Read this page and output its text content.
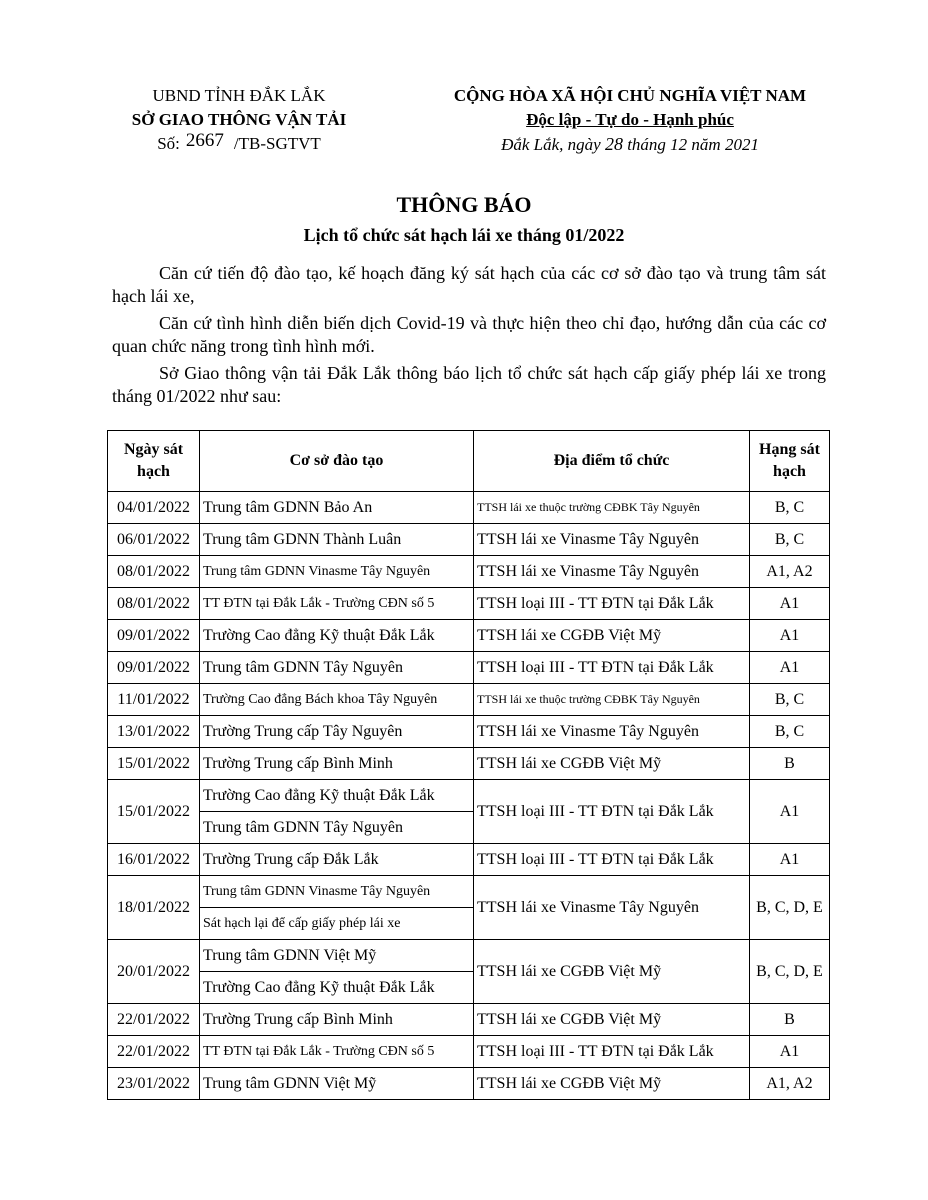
UBND TỈNH ĐẮK LẮK
SỞ GIAO THÔNG VẬN TẢI
Số: 2667 /TB-SGTVT
CỘNG HÒA XÃ HỘI CHỦ NGHĨA VIỆT NAM
Độc lập - Tự do - Hạnh phúc
Đắk Lắk, ngày 28 tháng 12 năm 2021
THÔNG BÁO
Lịch tổ chức sát hạch lái xe tháng 01/2022

Căn cứ tiến độ đào tạo, kế hoạch đăng ký sát hạch của các cơ sở đào tạo và trung tâm sát hạch lái xe,

Căn cứ tình hình diễn biến dịch Covid-19 và thực hiện theo chỉ đạo, hướng dẫn của các cơ quan chức năng trong tình hình mới.

Sở Giao thông vận tải Đắk Lắk thông báo lịch tổ chức sát hạch cấp giấy phép lái xe trong tháng 01/2022 như sau:

Ngày sát hạch	Cơ sở đào tạo	Địa điểm tổ chức	Hạng sát hạch
04/01/2022	Trung tâm GDNN Bảo An	TTSH lái xe thuộc trường CĐBK Tây Nguyên	B, C
06/01/2022	Trung tâm GDNN Thành Luân	TTSH lái xe Vinasme Tây Nguyên	B, C
08/01/2022	Trung tâm GDNN Vinasme Tây Nguyên	TTSH lái xe Vinasme Tây Nguyên	A1, A2
08/01/2022	TT ĐTN tại Đắk Lắk - Trường CĐN số 5	TTSH loại III - TT ĐTN tại Đắk Lắk	A1
09/01/2022	Trường Cao đẳng Kỹ thuật Đắk Lắk	TTSH lái xe CGĐB Việt Mỹ	A1
09/01/2022	Trung tâm GDNN Tây Nguyên	TTSH loại III - TT ĐTN tại Đắk Lắk	A1
11/01/2022	Trường Cao đẳng Bách khoa Tây Nguyên	TTSH lái xe thuộc trường CĐBK Tây Nguyên	B, C
13/01/2022	Trường Trung cấp Tây Nguyên	TTSH lái xe Vinasme Tây Nguyên	B, C
15/01/2022	Trường Trung cấp Bình Minh	TTSH lái xe CGĐB Việt Mỹ	B
15/01/2022	Trường Cao đẳng Kỹ thuật Đắk Lắk	TTSH loại III - TT ĐTN tại Đắk Lắk	A1
	Trung tâm GDNN Tây Nguyên		
16/01/2022	Trường Trung cấp Đắk Lắk	TTSH loại III - TT ĐTN tại Đắk Lắk	A1
18/01/2022	Trung tâm GDNN Vinasme Tây Nguyên	TTSH lái xe Vinasme Tây Nguyên	B, C, D, E
	Sát hạch lại để cấp giấy phép lái xe		
20/01/2022	Trung tâm GDNN Việt Mỹ	TTSH lái xe CGĐB Việt Mỹ	B, C, D, E
	Trường Cao đẳng Kỹ thuật Đắk Lắk		
22/01/2022	Trường Trung cấp Bình Minh	TTSH lái xe CGĐB Việt Mỹ	B
22/01/2022	TT ĐTN tại Đắk Lắk - Trường CĐN số 5	TTSH loại III - TT ĐTN tại Đắk Lắk	A1
23/01/2022	Trung tâm GDNN Việt Mỹ	TTSH lái xe CGĐB Việt Mỹ	A1, A2
